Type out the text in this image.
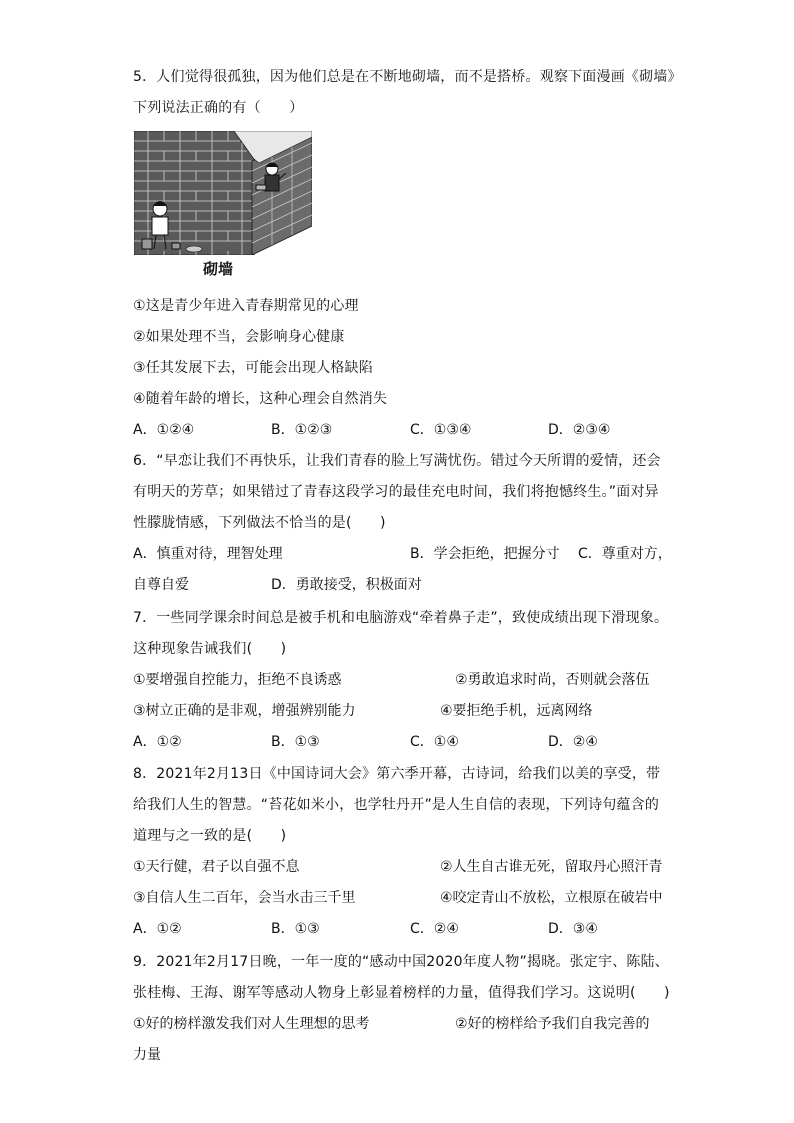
5．人们觉得很孤独，因为他们总是在不断地砌墙，而不是搭桥。观察下面漫画《砌墙》
下列说法正确的有（　　）
砌墙
①这是青少年进入青春期常见的心理
②如果处理不当，会影响身心健康
③任其发展下去，可能会出现人格缺陷
④随着年龄的增长，这种心理会自然消失
A．①②④	B．①②③	C．①③④	D．②③④
6．“早恋让我们不再快乐，让我们青春的脸上写满忧伤。错过今天所谓的爱情，还会
有明天的芳草；如果错过了青春这段学习的最佳充电时间，我们将抱憾终生。”面对异
性朦胧情感，下列做法不恰当的是(　　)
A．慎重对待，理智处理	B．学会拒绝，把握分寸 C．尊重对方，
自尊自爱	D．勇敢接受，积极面对
7．一些同学课余时间总是被手机和电脑游戏“牵着鼻子走”，致使成绩出现下滑现象。
这种现象告诫我们(　　)
①要增强自控能力，拒绝不良诱惑	②勇敢追求时尚，否则就会落伍
③树立正确的是非观，增强辨别能力	④要拒绝手机，远离网络
A．①②	B．①③	C．①④	D．②④
8．2021年2月13日《中国诗词大会》第六季开幕，古诗词，给我们以美的享受，带
给我们人生的智慧。“苔花如米小，也学牡丹开”是人生自信的表现，下列诗句蕴含的
道理与之一致的是(　　)
①天行健，君子以自强不息	②人生自古谁无死，留取丹心照汗青
③自信人生二百年，会当水击三千里	④咬定青山不放松，立根原在破岩中
A．①②	B．①③	C．②④	D．③④
9．2021年2月17日晚，一年一度的“感动中国2020年度人物”揭晓。张定宇、陈陆、
张桂梅、王海、谢军等感动人物身上彰显着榜样的力量，值得我们学习。这说明(　　)
①好的榜样激发我们对人生理想的思考	②好的榜样给予我们自我完善的
力量
